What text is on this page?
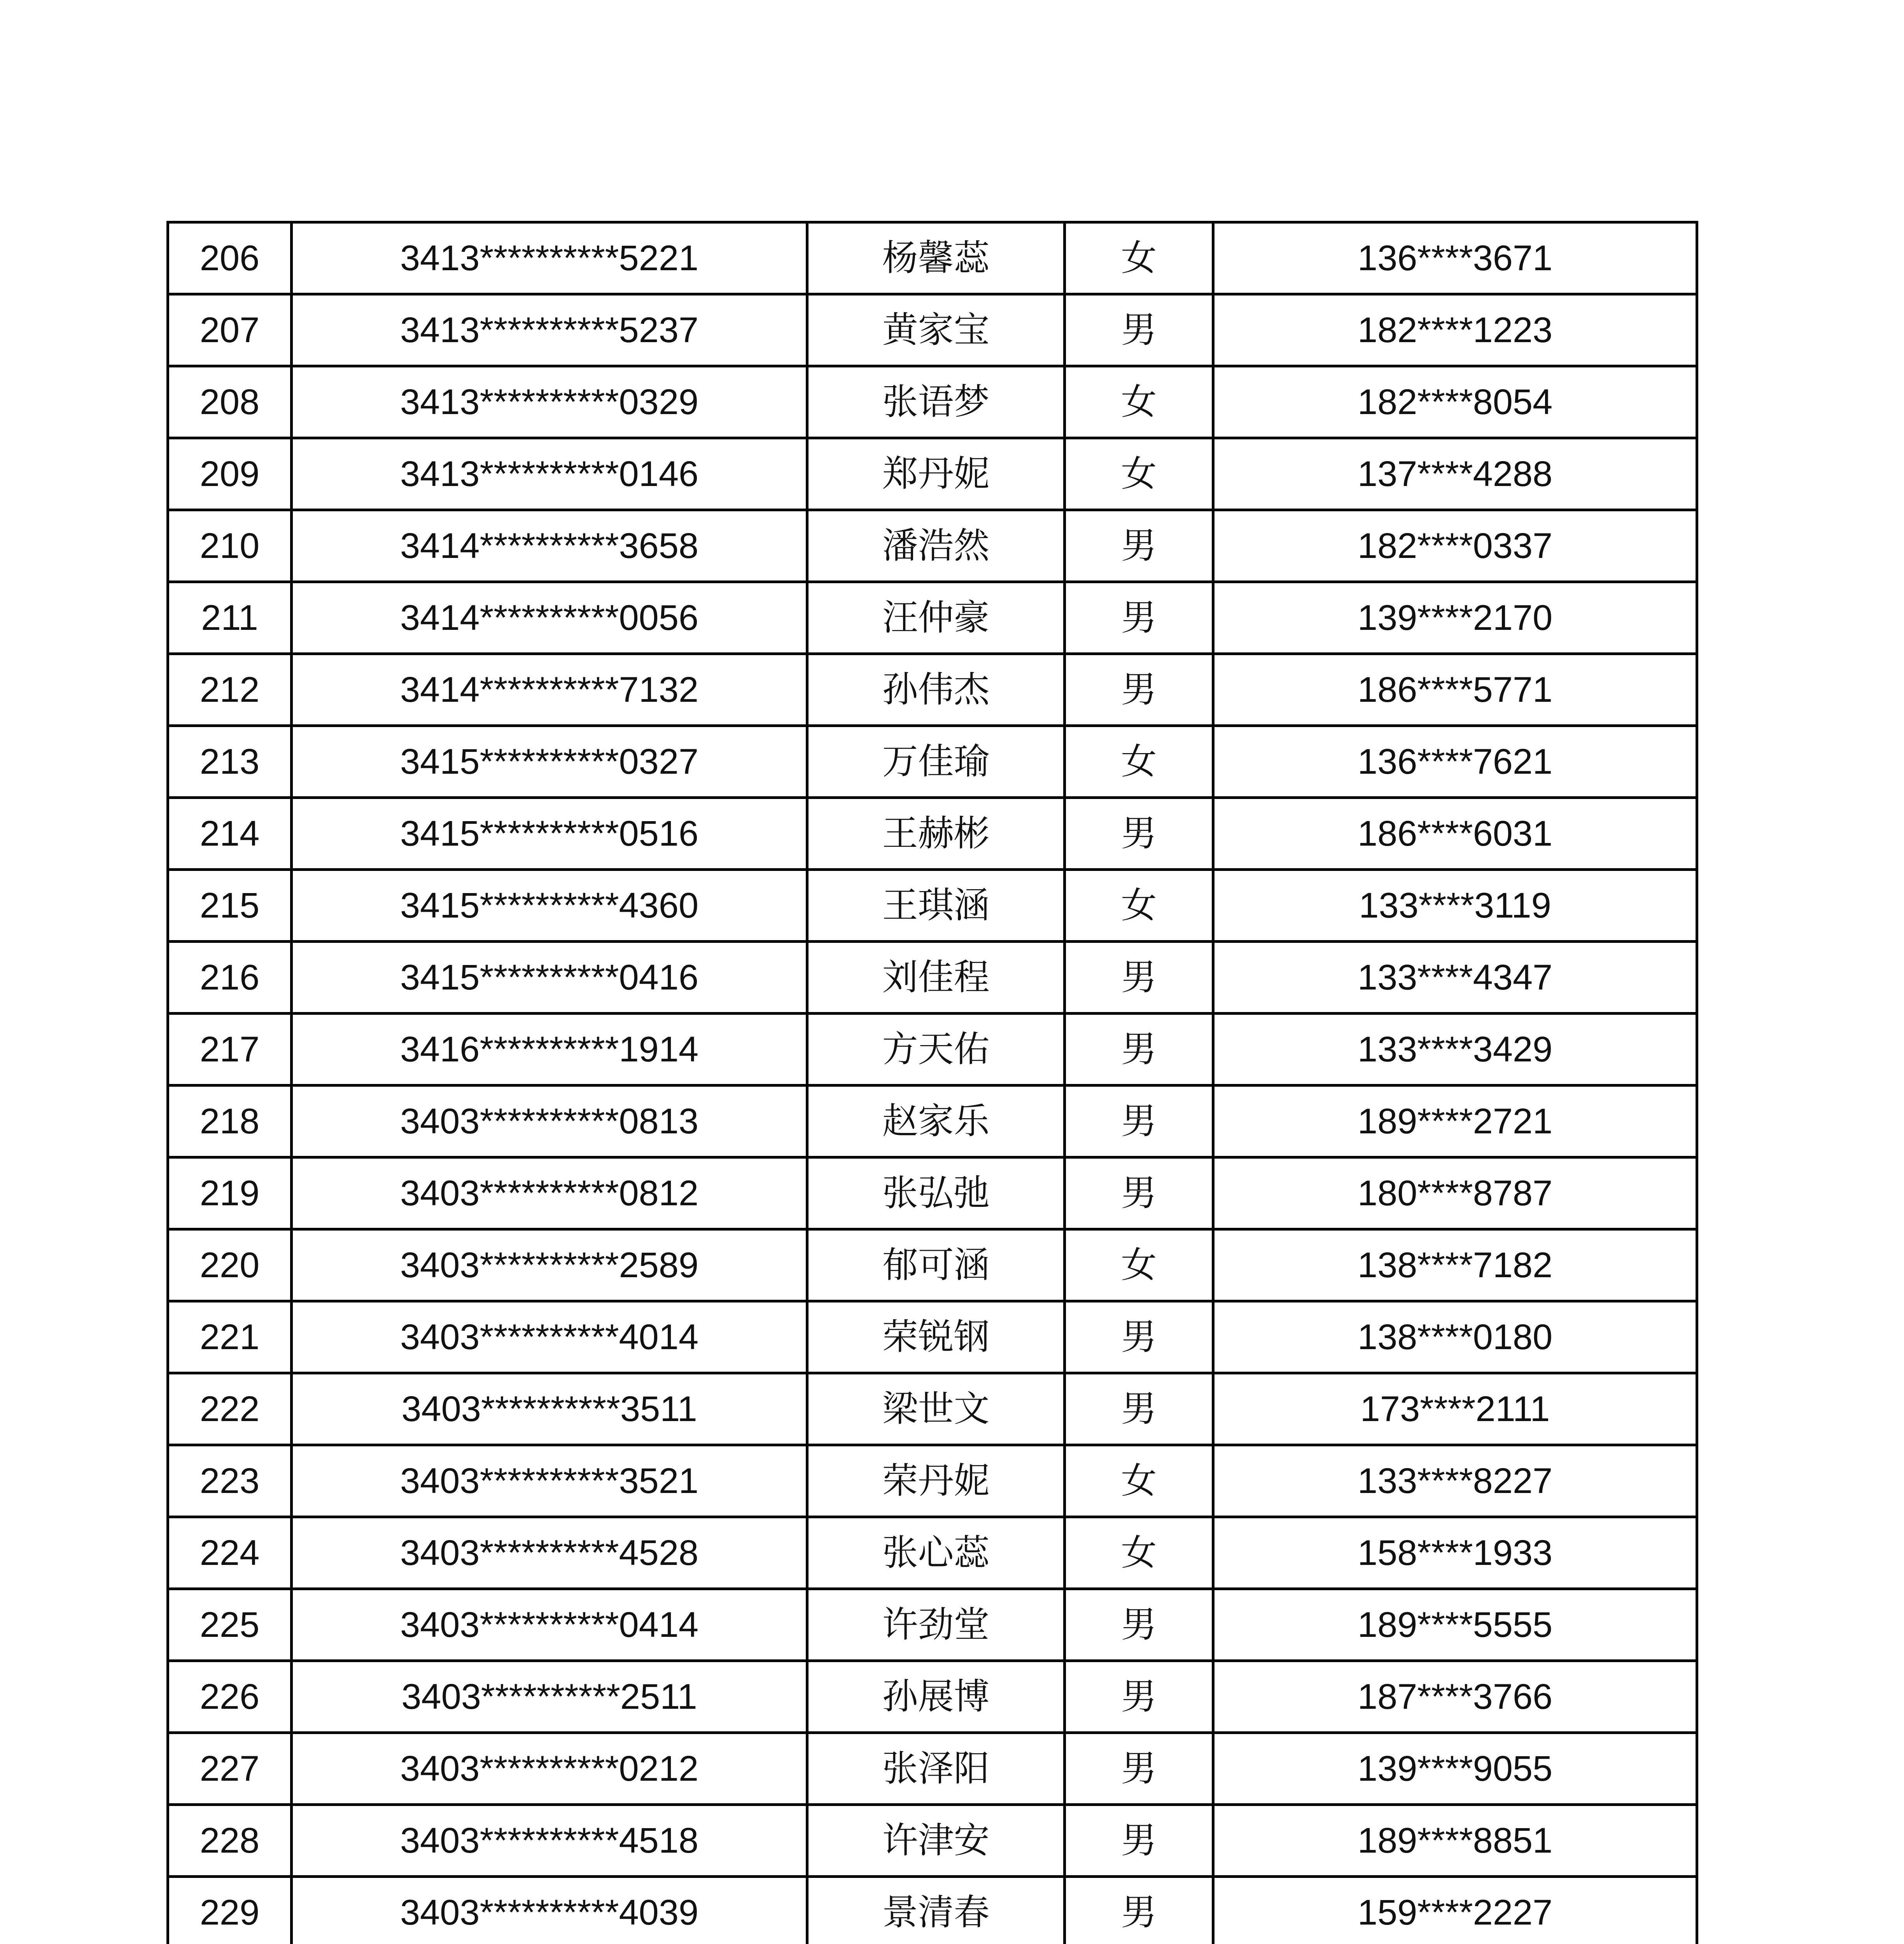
206	3413**********5221	杨馨蕊	女	136****3671
207	3413**********5237	黄家宝	男	182****1223
208	3413**********0329	张语梦	女	182****8054
209	3413**********0146	郑丹妮	女	137****4288
210	3414**********3658	潘浩然	男	182****0337
211	3414**********0056	汪仲豪	男	139****2170
212	3414**********7132	孙伟杰	男	186****5771
213	3415**********0327	万佳瑜	女	136****7621
214	3415**********0516	王赫彬	男	186****6031
215	3415**********4360	王琪涵	女	133****3119
216	3415**********0416	刘佳程	男	133****4347
217	3416**********1914	方天佑	男	133****3429
218	3403**********0813	赵家乐	男	189****2721
219	3403**********0812	张弘弛	男	180****8787
220	3403**********2589	郁可涵	女	138****7182
221	3403**********4014	荣锐钢	男	138****0180
222	3403**********3511	梁世文	男	173****2111
223	3403**********3521	荣丹妮	女	133****8227
224	3403**********4528	张心蕊	女	158****1933
225	3403**********0414	许劲堂	男	189****5555
226	3403**********2511	孙展博	男	187****3766
227	3403**********0212	张泽阳	男	139****9055
228	3403**********4518	许津安	男	189****8851
229	3403**********4039	景清春	男	159****2227
